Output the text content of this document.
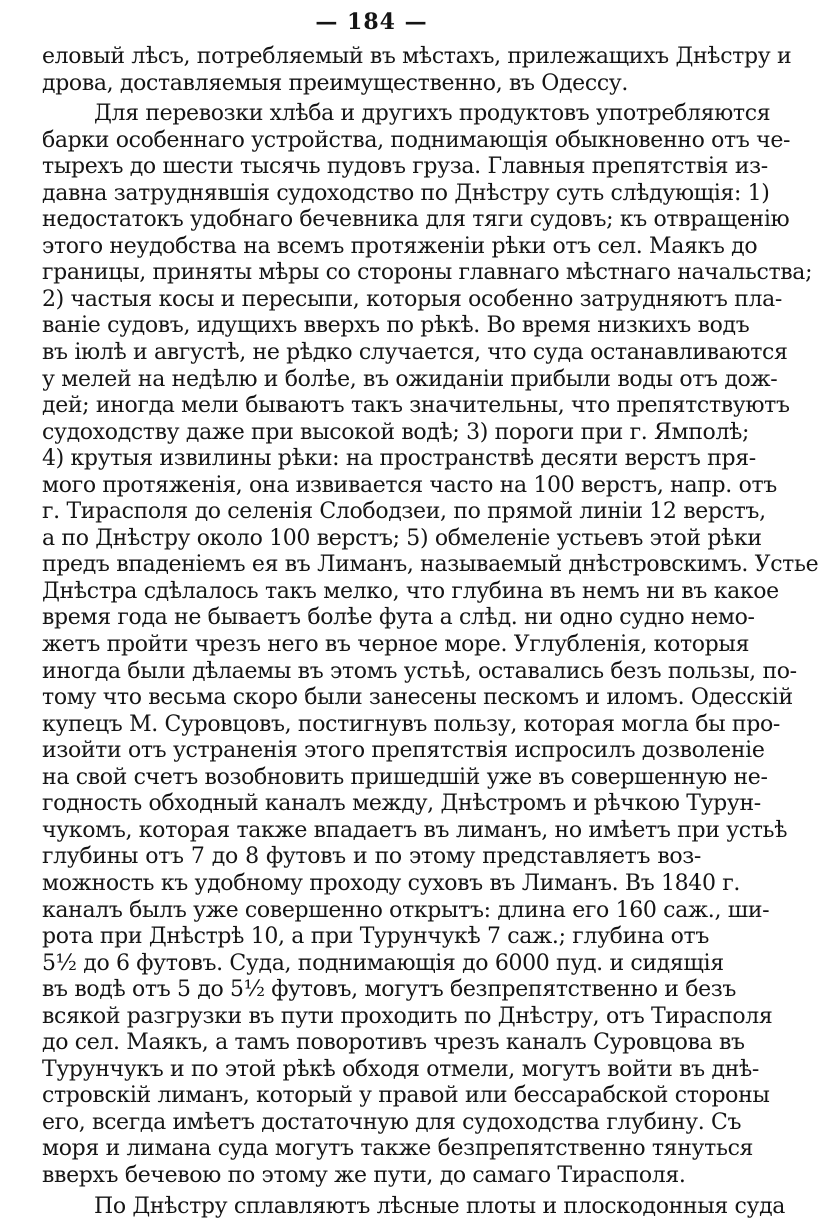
— 184 —
еловый лѣсъ, потребляемый въ мѣстахъ, прилежащихъ Днѣстру и
дрова, доставляемыя преимущественно, въ Одессу.
Для перевозки хлѣба и другихъ продуктовъ употребляются
барки особеннаго устройства, поднимающія обыкновенно отъ че-
тырехъ до шести тысячь пудовъ груза. Главныя препятствія из-
давна затруднявшія судоходство по Днѣстру суть слѣдующія: 1)
недостатокъ удобнаго бечевника для тяги судовъ; къ отвращенію
этого неудобства на всемъ протяженіи рѣки отъ сел. Маякъ до
границы, приняты мѣры со стороны главнаго мѣстнаго начальства;
2) частыя косы и пересыпи, которыя особенно затрудняютъ пла-
ваніе судовъ, идущихъ вверхъ по рѣкѣ. Во время низкихъ водъ
въ іюлѣ и августѣ, не рѣдко случается, что суда останавливаются
у мелей на недѣлю и болѣе, въ ожиданіи прибыли воды отъ дож-
дей; иногда мели бываютъ такъ значительны, что препятствуютъ
судоходству даже при высокой водѣ; 3) пороги при г. Ямполѣ;
4) крутыя извилины рѣки: на пространствѣ десяти верстъ пря-
мого протяженія, она извивается часто на 100 верстъ, напр. отъ
г. Тирасполя до селенія Слободзеи, по прямой линіи 12 верстъ,
а по Днѣстру около 100 верстъ; 5) обмеленіе устьевъ этой рѣки
предъ впаденіемъ ея въ Лиманъ, называемый днѣстровскимъ. Устье
Днѣстра сдѣлалось такъ мелко, что глубина въ немъ ни въ какое
время года не бываетъ болѣе фута а слѣд. ни одно судно немо-
жетъ пройти чрезъ него въ черное море. Углубленія, которыя
иногда были дѣлаемы въ этомъ устьѣ, оставались безъ пользы, по-
тому что весьма скоро были занесены пескомъ и иломъ. Одесскій
купецъ М. Суровцовъ, постигнувъ пользу, которая могла бы про-
изойти отъ устраненія этого препятствія испросилъ дозволеніе
на свой счетъ возобновить пришедшій уже въ совершенную не-
годность обходный каналъ между, Днѣстромъ и рѣчкою Турун-
чукомъ, которая также впадаетъ въ лиманъ, но имѣетъ при устьѣ
глубины отъ 7 до 8 футовъ и по этому представляетъ воз-
можность къ удобному проходу суховъ въ Лиманъ. Въ 1840 г.
каналъ былъ уже совершенно открытъ: длина его 160 саж., ши-
рота при Днѣстрѣ 10, а при Турунчукѣ 7 саж.; глубина отъ
5½ до 6 футовъ. Суда, поднимающія до 6000 пуд. и сидящія
въ водѣ отъ 5 до 5½ футовъ, могутъ безпрепятственно и безъ
всякой разгрузки въ пути проходить по Днѣстру, отъ Тирасполя
до сел. Маякъ, а тамъ поворотивъ чрезъ каналъ Суровцова въ
Турунчукъ и по этой рѣкѣ обходя отмели, могутъ войти въ днѣ-
стровскій лиманъ, который у правой или бессарабской стороны
его, всегда имѣетъ достаточную для судоходства глубину. Съ
моря и лимана суда могутъ также безпрепятственно тянуться
вверхъ бечевою по этому же пути, до самаго Тирасполя.
По Днѣстру сплавляютъ лѣсные плоты и плоскодонныя суда
